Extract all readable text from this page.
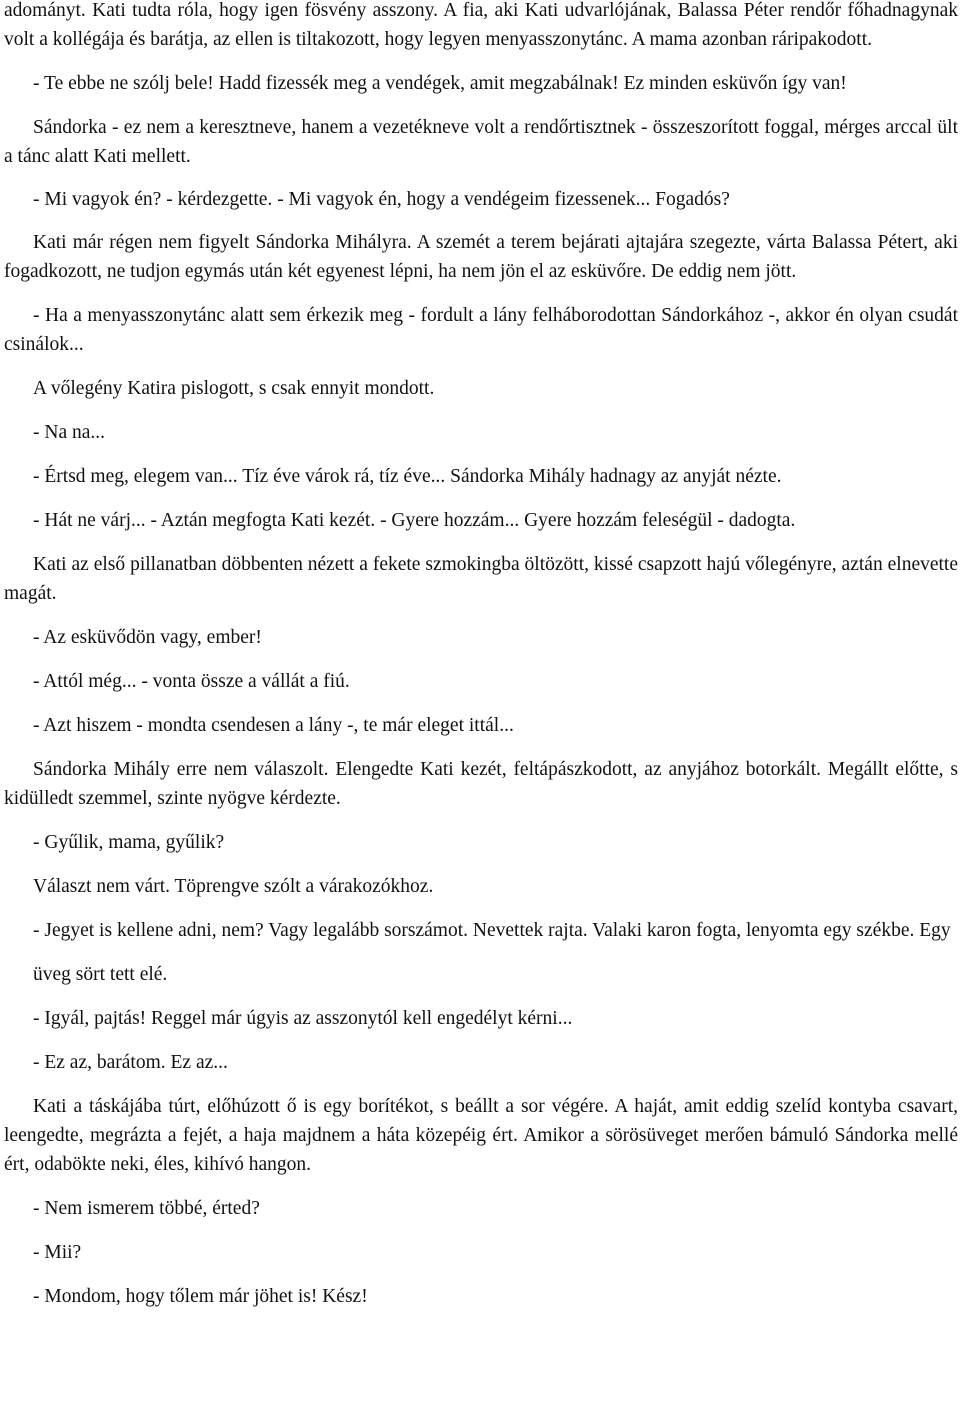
adományt. Kati tudta róla, hogy igen fösvény asszony. A fia, aki Kati udvarlójának, Balassa Péter rendőr főhadnagynak volt a kollégája és barátja, az ellen is tiltakozott, hogy legyen menyasszonytánc. A mama azonban ráripakodott.

- Te ebbe ne szólj bele! Hadd fizessék meg a vendégek, amit megzabálnak! Ez minden esküvőn így van!

Sándorka - ez nem a keresztneve, hanem a vezetékneve volt a rendőrtisztnek - összeszorított foggal, mérges arccal ült a tánc alatt Kati mellett.

- Mi vagyok én? - kérdezgette. - Mi vagyok én, hogy a vendégeim fizessenek... Fogadós?

Kati már régen nem figyelt Sándorka Mihályra. A szemét a terem bejárati ajtajára szegezte, várta Balassa Pétert, aki fogadkozott, ne tudjon egymás után két egyenest lépni, ha nem jön el az esküvőre. De eddig nem jött.

- Ha a menyasszonytánc alatt sem érkezik meg - fordult a lány felháborodottan Sándorkához -, akkor én olyan csudát csinálok...

A vőlegény Katira pislogott, s csak ennyit mondott.

- Na na...

- Értsd meg, elegem van... Tíz éve várok rá, tíz éve... Sándorka Mihály hadnagy az anyját nézte.

- Hát ne várj... - Aztán megfogta Kati kezét. - Gyere hozzám... Gyere hozzám feleségül - dadogta.

Kati az első pillanatban döbbenten nézett a fekete szmokingba öltözött, kissé csapzott hajú vőlegényre, aztán elnevette magát.

- Az esküvődön vagy, ember!

- Attól még... - vonta össze a vállát a fiú.

- Azt hiszem - mondta csendesen a lány -, te már eleget ittál...

Sándorka Mihály erre nem válaszolt. Elengedte Kati kezét, feltápászkodott, az anyjához botorkált. Megállt előtte, s kidülledt szemmel, szinte nyögve kérdezte.

- Gyűlik, mama, gyűlik?

Választ nem várt. Töprengve szólt a várakozókhoz.

- Jegyet is kellene adni, nem? Vagy legalább sorszámot. Nevettek rajta. Valaki karon fogta, lenyomta egy székbe. Egy

üveg sört tett elé.

- Igyál, pajtás! Reggel már úgyis az asszonytól kell engedélyt kérni...

- Ez az, barátom. Ez az...

Kati a táskájába túrt, előhúzott ő is egy borítékot, s beállt a sor végére. A haját, amit eddig szelíd kontyba csavart, leengedte, megrázta a fejét, a haja majdnem a háta közepéig ért. Amikor a sörösüveget merően bámuló Sándorka mellé ért, odabökte neki, éles, kihívó hangon.

- Nem ismerem többé, érted?

- Mii?

- Mondom, hogy tőlem már jöhet is! Kész!
